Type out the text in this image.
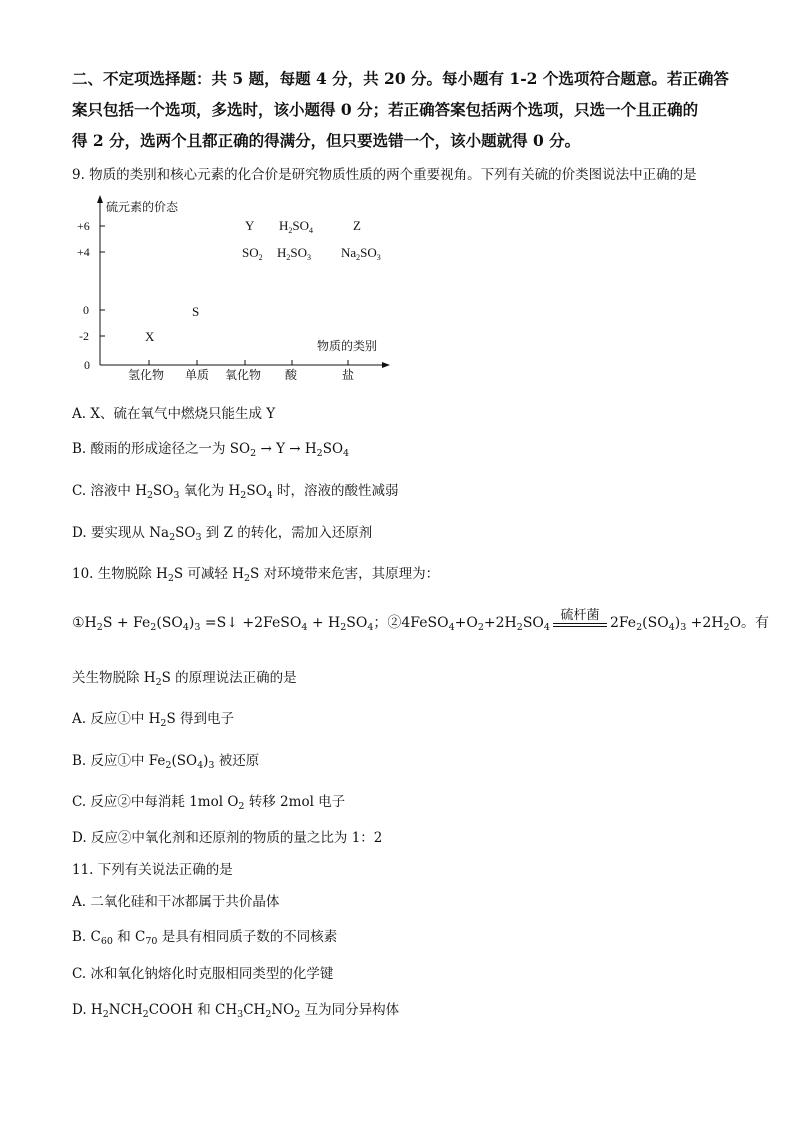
二、不定项选择题：共 5 题，每题 4 分，共 20 分。每小题有 1-2 个选项符合题意。若正确答
案只包括一个选项，多选时，该小题得 0 分；若正确答案包括两个选项，只选一个且正确的
得 2 分，选两个且都正确的得满分，但只要选错一个，该小题就得 0 分。
9. 物质的类别和核心元素的化合价是研究物质性质的两个重要视角。下列有关硫的价类图说法中正确的是
硫元素的价态
物质的类别
0
+6
+4
0
-2
氢化物 单质 氧化物 酸	盐
X
S
Y $H_2SO_4$	Z
$SO_2$ $H_2SO_3$ $Na_2SO_3$
A. X、硫在氧气中燃烧只能生成 Y
B. 酸雨的形成途径之一为 $SO_2 \to Y \to H_2SO_4$
C. 溶液中 $H_2SO_3$ 氧化为 $H_2SO_4$ 时，溶液的酸性减弱
D. 要实现从 $Na_2SO_3$ 到 Z 的转化，需加入还原剂
10. 生物脱除 $H_2S$ 可减轻 $H_2S$ 对环境带来危害，其原理为：
$①H_2S + Fe_2(SO_4)_3$ =S↓ +2FeSO$_4$ + $H_2SO_4$；$②4FeSO_4+O_2+2H_2SO_4$
硫杆菌 $2Fe_2(SO_4)_3 +2H_2O$。有
关生物脱除 $H_2S$ 的原理说法正确的是
A. 反应①中 $H_2S$ 得到电子
B. 反应①中 $Fe_2(SO_4)_3$ 被还原
C. 反应②中每消耗 1mol $O_2$ 转移 2mol 电子
D. 反应②中氧化剂和还原剂的物质的量之比为 1：2
11. 下列有关说法正确的是
A. 二氧化硅和干冰都属于共价晶体
B. $C_{60}$ 和 $C_{70}$ 是具有相同质子数的不同核素
C. 冰和氧化钠熔化时克服相同类型的化学键
D. $H_2NCH_2COOH$ 和 $CH_3CH_2NO_2$ 互为同分异构体
